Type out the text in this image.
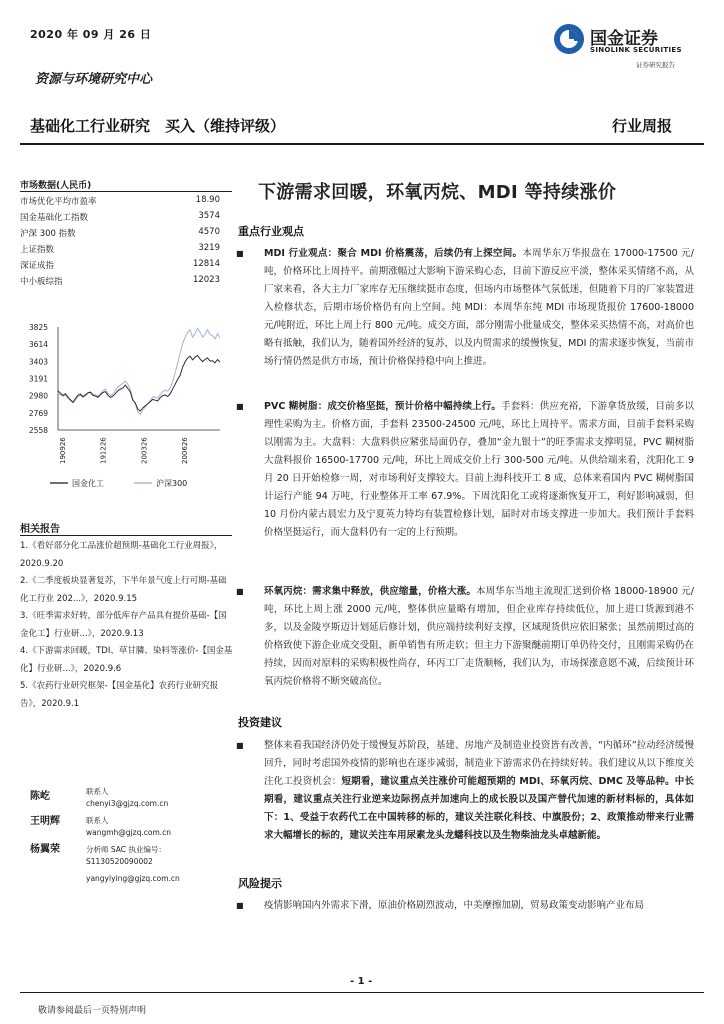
2020 年 09 月 26 日	国金证券
SINOLINK SECURITIES
证券研究报告
资源与环境研究中心
基础化工行业研究　买入（维持评级）	行业周报
市场数据(人民币)
市场优化平均市盈率	18.90
国金基础化工指数	3574
沪深 300 指数	4570
上证指数	3219
深证成指	12814
中小板综指	12023
3825
3614
3403
3191
2980
2769
2558
190926	191226	200326	200626
国金化工	沪深300
相关报告
1.《看好部分化工品涨价超预期-基础化工行业周报》，2020.9.20
2.《二季度板块显著复苏，下半年景气度上行可期-基础化工行业 202...》，2020.9.15
3.《旺季需求好转，部分低库存产品具有提价基础-【国金化工】行业研...》，2020.9.13
4.《下游需求回暖，TDI、草甘膦、染料等涨价-【国金基化】行业研...》，2020.9.6
5.《农药行业研究框架-【国金基化】农药行业研究报告》，2020.9.1
陈屹	联系人
chenyi3@gjzq.com.cn
王明辉	联系人
wangmh@gjzq.com.cn
杨翼荣	分析师 SAC 执业编号：
S1130520090002
yangyiying@gjzq.com.cn
下游需求回暖，环氧丙烷、MDI 等持续涨价
重点行业观点
■	MDI 行业观点：聚合 MDI 价格震荡，后续仍有上探空间。本周华东万华报盘在 17000-17500 元/吨，价格环比上周持平。前期涨幅过大影响下游采购心态，目前下游反应平淡，整体采买情绪不高，从厂家来看，各大主力厂家库存无压继续挺市态度，但场内市场整体气氛低迷，但随着下月的厂家装置进入检修状态，后期市场价格仍有向上空间。纯 MDI：本周华东纯 MDI 市场现货报价 17600-18000 元/吨附近，环比上周上行 800 元/吨。成交方面，部分刚需小批量成交，整体采买热情不高，对高价也略有抵触，我们认为，随着国外经济的复苏，以及内贸需求的缓慢恢复，MDI 的需求逐步恢复，当前市场行情仍然是供方市场，预计价格保持稳中向上推进。
■	PVC 糊树脂：成交价格坚挺，预计价格中幅持续上行。手套料：供应充裕，下游拿货放缓，目前多以理性采购为主。价格方面，手套料 23500-24500 元/吨，环比上周持平。需求方面，目前手套料采购以刚需为主。大盘料：大盘料供应紧张局面仍存，叠加“金九银十”的旺季需求支撑明显，PVC 糊树脂大盘料报价 16500-17700 元/吨，环比上周成交价上行 300-500 元/吨。从供给端来看，沈阳化工 9 月 20 日开始检修一周，对市场利好支撑较大。目前上海科技开工 8 成，总体来看国内 PVC 糊树脂国计运行产能 94 万吨，行业整体开工率 67.9%。下周沈阳化工或将逐渐恢复开工，利好影响减弱，但 10 月份内蒙古晨宏力及宁夏英力特均有装置检修计划，届时对市场支撑进一步加大。我们预计手套料价格坚挺运行，而大盘料仍有一定的上行预期。
■	环氧丙烷：需求集中释放，供应缩量，价格大涨。本周华东当地主流现汇送到价格 18000-18900 元/吨，环比上周上涨 2000 元/吨，整体供应量略有增加，但企业库存持续低位，加上进口货源到港不多，以及金陵亨斯迈计划延后修计划，供应端持续利好支撑，区域现货供应依旧紧张；虽然前期过高的价格致使下游企业成交受阻，新单销售有所走软；但主力下游聚醚前期订单仍待交付，且刚需采购仍在持续，因而对原料的采购积极性尚存，环丙工厂走货顺畅，我们认为，市场探涨意愿不减，后续预计环氧丙烷价格将不断突破高位。
投资建议
■	整体来看我国经济仍处于缓慢复苏阶段，基建、房地产及制造业投资皆有改善，“内循环”拉动经济缓慢回升，同时考虑国外疫情的影响也在逐步减弱，制造业下游需求仍在持续好转。我们建议从以下维度关注化工投资机会：短期看，建议重点关注涨价可能超预期的 MDI、环氧丙烷、DMC 及等品种。中长期看，建议重点关注行业逆来边际拐点并加速向上的成长股以及国产替代加速的新材料标的，具体如下：1、受益于农药代工在中国转移的标的，建议关注联化科技、中旗股份；2、政策推动带来行业需求大幅增长的标的，建议关注车用尿素龙头龙蟠科技以及生物柴油龙头卓越新能。
风险提示
■	疫情影响国内外需求下滑，原油价格剧烈波动，中美摩擦加剧，贸易政策变动影响产业布局
- 1 -
敬请参阅最后一页特别声明
